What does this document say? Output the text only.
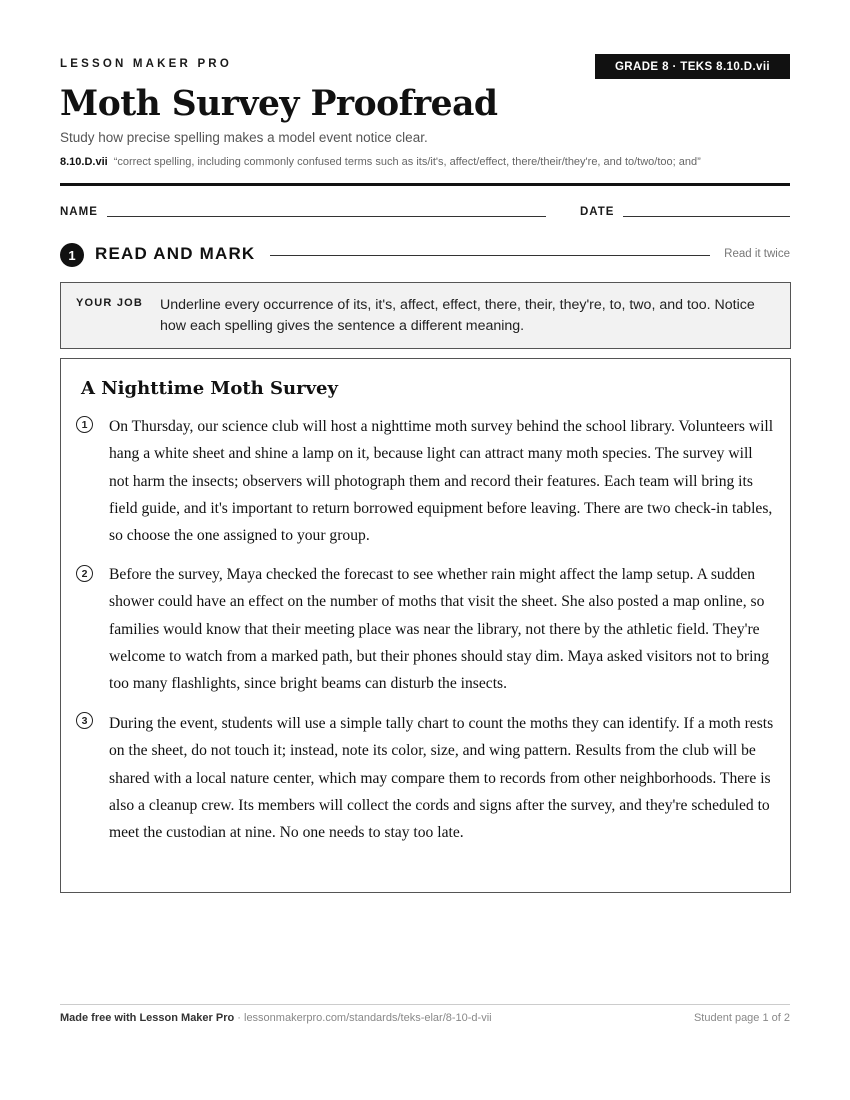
LESSON MAKER PRO	GRADE 8 · TEKS 8.10.D.vii
Moth Survey Proofread
Study how precise spelling makes a model event notice clear.
8.10.D.vii “correct spelling, including commonly confused terms such as its/it's, affect/effect, there/their/they're, and to/two/too; and”
NAME	DATE
1	READ AND MARK	Read it twice
YOUR JOB Underline every occurrence of its, it's, affect, effect, there, their, they're, to, two, and too. Notice how each spelling gives the sentence a different meaning.
A Nighttime Moth Survey
1	On Thursday, our science club will host a nighttime moth survey behind the school library. Volunteers will hang a white sheet and shine a lamp on it, because light can attract many moth species. The survey will not harm the insects; observers will photograph them and record their features. Each team will bring its field guide, and it's important to return borrowed equipment before leaving. There are two check-in tables, so choose the one assigned to your group.

2	Before the survey, Maya checked the forecast to see whether rain might affect the lamp setup. A sudden shower could have an effect on the number of moths that visit the sheet. She also posted a map online, so families would know that their meeting place was near the library, not there by the athletic field. They're welcome to watch from a marked path, but their phones should stay dim. Maya asked visitors not to bring too many flashlights, since bright beams can disturb the insects.

3	During the event, students will use a simple tally chart to count the moths they can identify. If a moth rests on the sheet, do not touch it; instead, note its color, size, and wing pattern. Results from the club will be shared with a local nature center, which may compare them to records from other neighborhoods. There is also a cleanup crew. Its members will collect the cords and signs after the survey, and they're scheduled to meet the custodian at nine. No one needs to stay too late.

Made free with Lesson Maker Pro · lessonmakerpro.com/standards/teks-elar/8-10-d-vii	Student page 1 of 2
